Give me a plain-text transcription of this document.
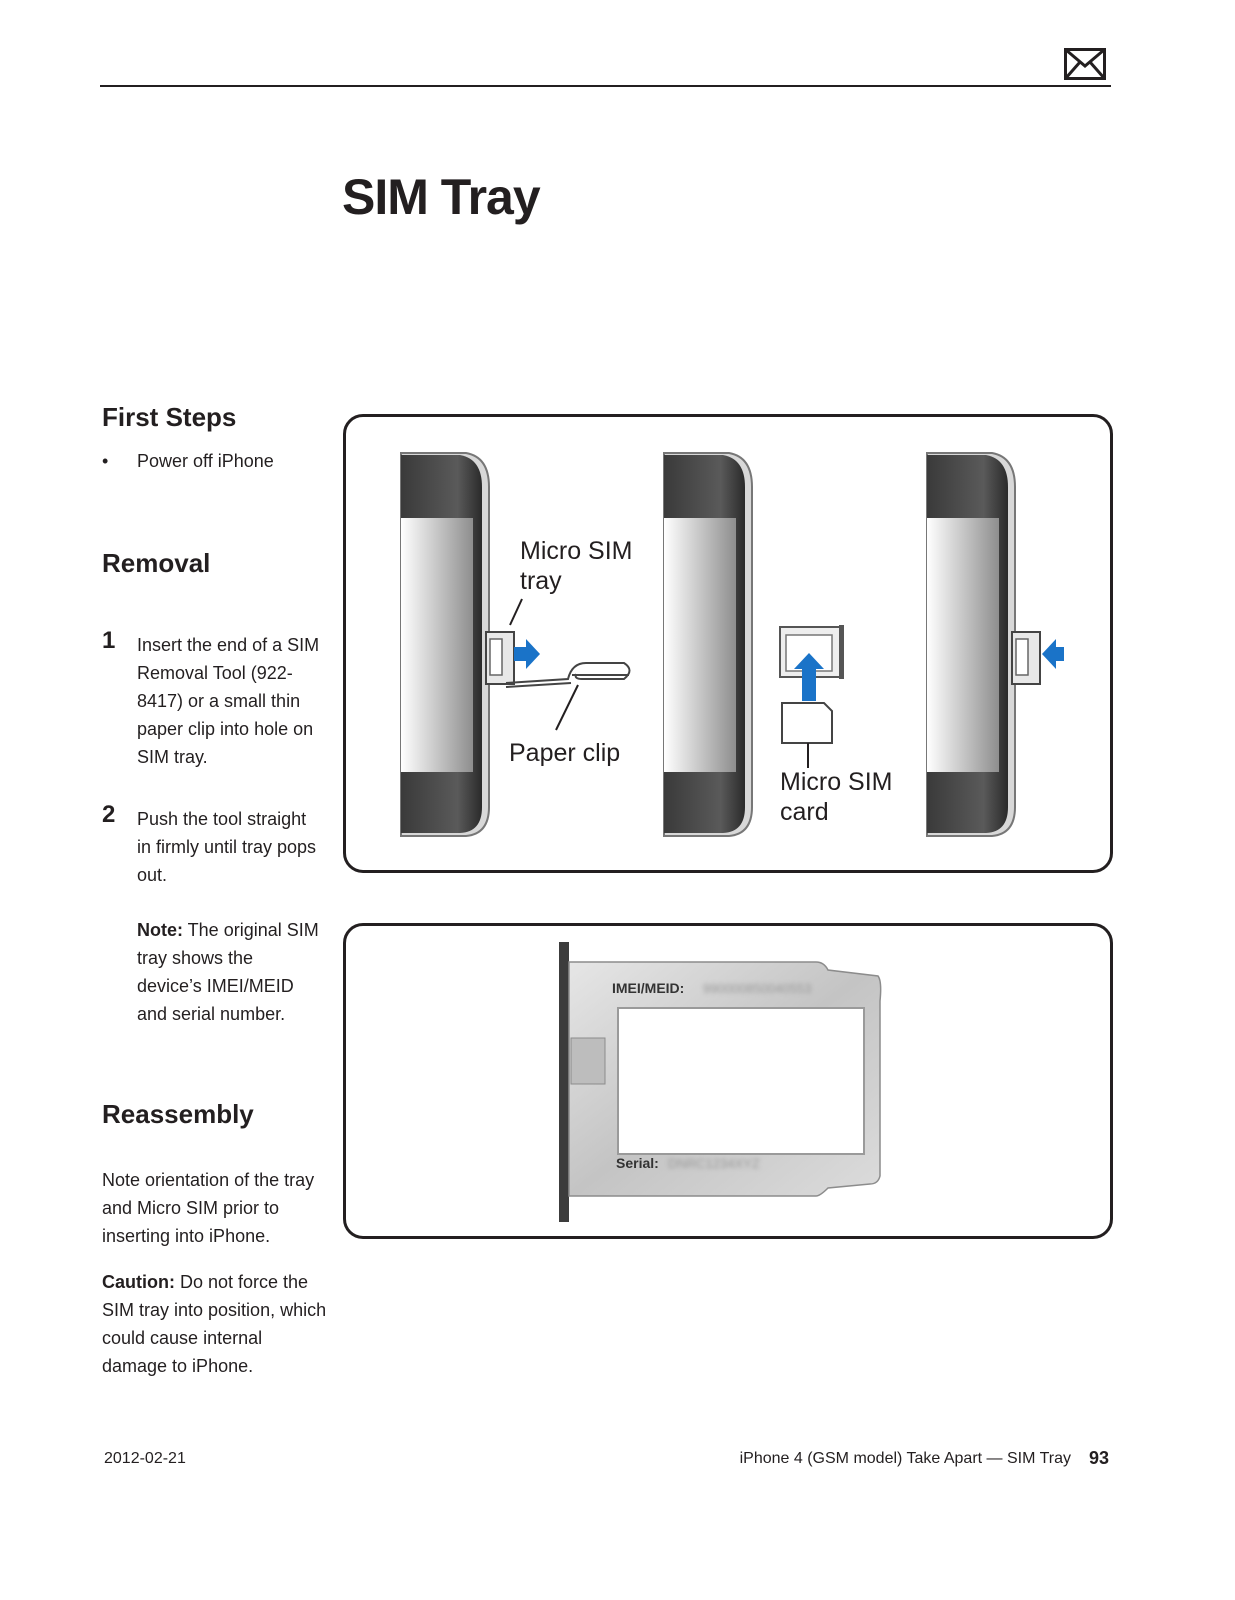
SIM Tray
First Steps
• Power off iPhone
Removal
1 Insert the end of a SIM Removal Tool (922-8417) or a small thin paper clip into hole on SIM tray.
2 Push the tool straight in firmly until tray pops out.

Note: The original SIM tray shows the device’s IMEI/MEID and serial number.

Reassembly

Note orientation of the tray and Micro SIM prior to inserting into iPhone.

Caution: Do not force the SIM tray into position, which could cause internal damage to iPhone.

Micro SIM
tray
Paper clip
Micro SIM
card
IMEI/MEID: 990000850040553
Serial: DNRC1234XYZ
2012-02-21	iPhone 4 (GSM model) Take Apart — SIM Tray 93
